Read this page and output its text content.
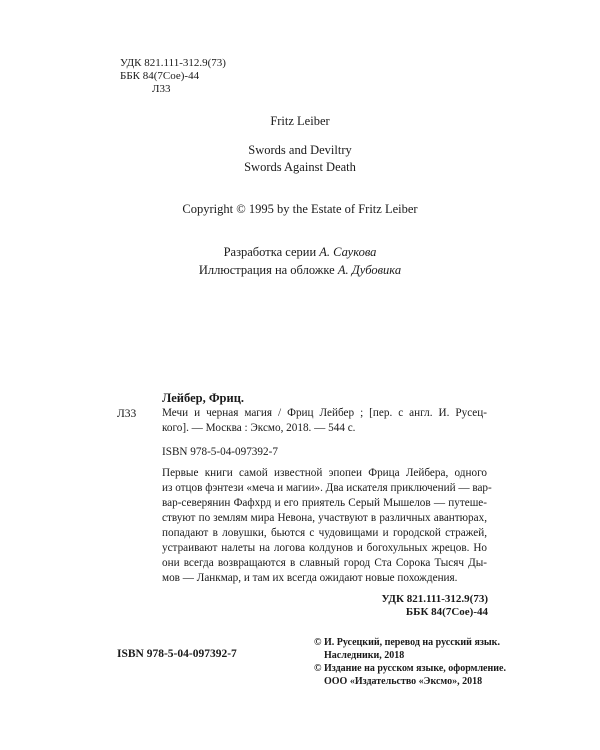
УДК 821.111-312.9(73)
ББК 84(7Сое)-44
Л33
Fritz Leiber
Swords and Deviltry
Swords Against Death
Copyright © 1995 by the Estate of Fritz Leiber
Разработка серии А. Саукова
Иллюстрация на обложке А. Дубовика
Лейбер, Фриц.
Л33 Мечи и черная магия / Фриц Лейбер ; [пер. с англ. И. Русец-
кого]. — Москва : Эксмо, 2018. — 544 с.
ISBN 978-5-04-097392-7
Первые книги самой известной эпопеи Фрица Лейбера, одного
из отцов фэнтези «меча и магии». Два искателя приключений — вар-
вар-северянин Фафхрд и его приятель Серый Мышелов — путеше-
ствуют по землям мира Невона, участвуют в различных авантюрах,
попадают в ловушки, бьются с чудовищами и городской стражей,
устраивают налеты на логова колдунов и богохульных жрецов. Но
они всегда возвращаются в славный город Ста Сорока Тысяч Ды-
мов — Ланкмар, и там их всегда ожидают новые похождения.
УДК 821.111-312.9(73)
ББК 84(7Сое)-44
© И. Русецкий, перевод на русский язык.
Наследники, 2018
© Издание на русском языке, оформление.
ООО «Издательство «Эксмо», 2018
ISBN 978-5-04-097392-7
